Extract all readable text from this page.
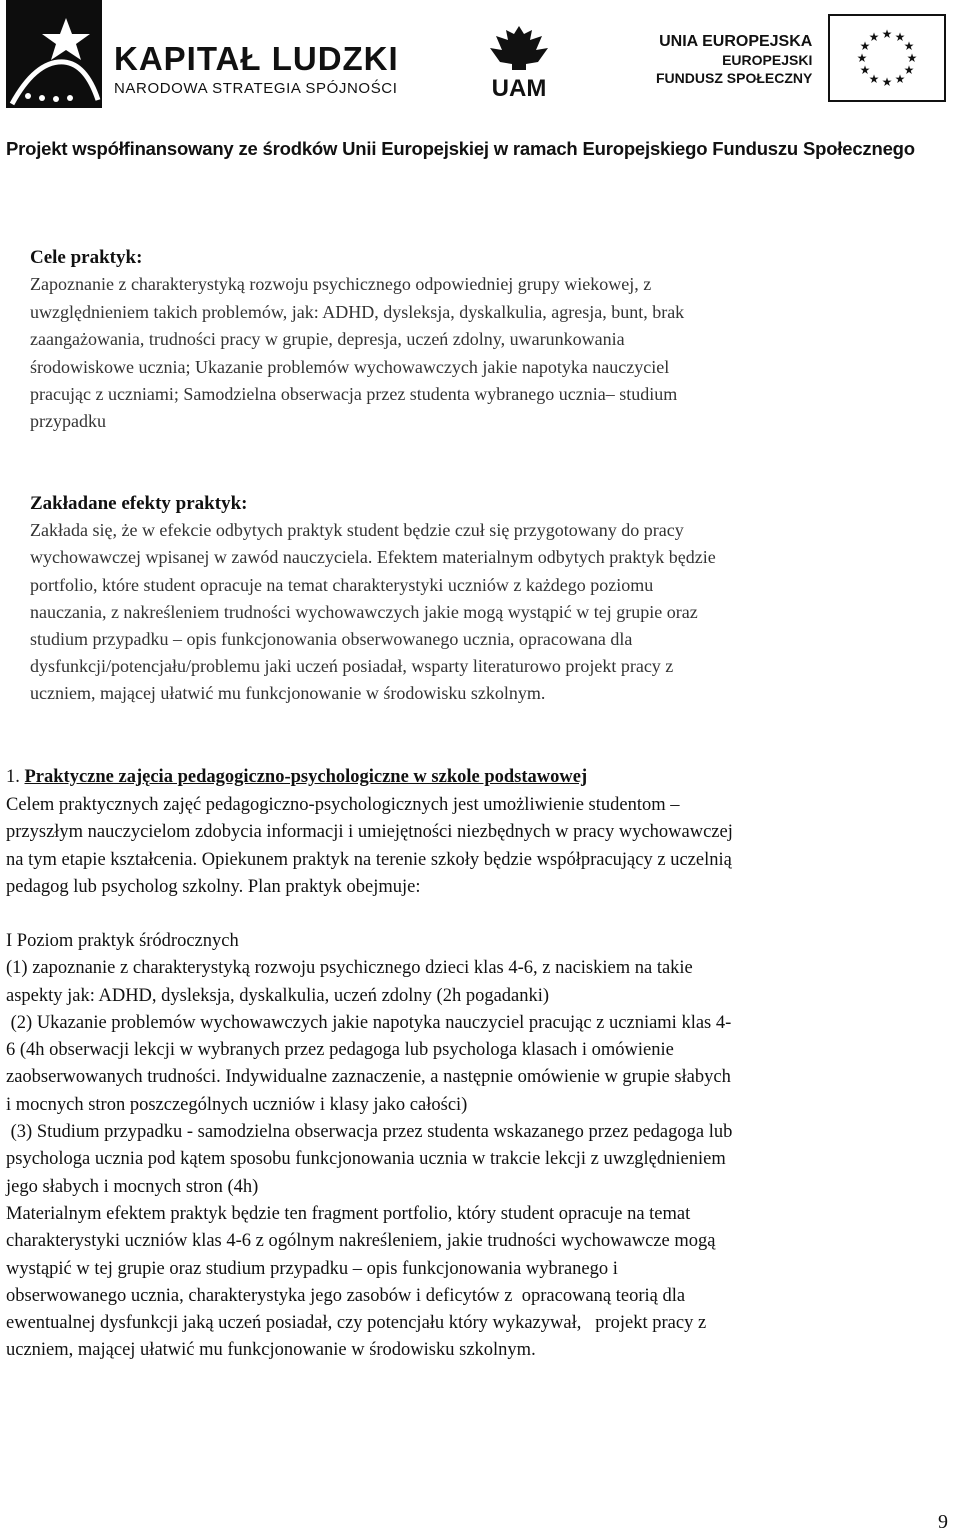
KAPITAŁ LUDZKI
NARODOWA STRATEGIA SPÓJNOŚCI	UAM
UNIA EUROPEJSKA
EUROPEJSKI
FUNDUSZ SPOŁECZNY
★ ★
★
★
★
★
★
★
★
★
★
★
Projekt współfinansowany ze środków Unii Europejskiej w ramach Europejskiego Funduszu Społecznego
Cele praktyk:
Zapoznanie z charakterystyką rozwoju psychicznego odpowiedniej grupy wiekowej, z
uwzględnieniem takich problemów, jak: ADHD, dysleksja, dyskalkulia, agresja, bunt, brak
zaangażowania, trudności pracy w grupie, depresja, uczeń zdolny, uwarunkowania
środowiskowe ucznia; Ukazanie problemów wychowawczych jakie napotyka nauczyciel
pracując z uczniami; Samodzielna obserwacja przez studenta wybranego ucznia– studium
przypadku
Zakładane efekty praktyk:
Zakłada się, że w efekcie odbytych praktyk student będzie czuł się przygotowany do pracy
wychowawczej wpisanej w zawód nauczyciela. Efektem materialnym odbytych praktyk będzie
portfolio, które student opracuje na temat charakterystyki uczniów z każdego poziomu
nauczania, z nakreśleniem trudności wychowawczych jakie mogą wystąpić w tej grupie oraz
studium przypadku – opis funkcjonowania obserwowanego ucznia, opracowana dla
dysfunkcji/potencjału/problemu jaki uczeń posiadał, wsparty literaturowo projekt pracy z
uczniem, mającej ułatwić mu funkcjonowanie w środowisku szkolnym.
1. Praktyczne zajęcia pedagogiczno-psychologiczne w szkole podstawowej
Celem praktycznych zajęć pedagogiczno-psychologicznych jest umożliwienie studentom –
przyszłym nauczycielom zdobycia informacji i umiejętności niezbędnych w pracy wychowawczej
na tym etapie kształcenia. Opiekunem praktyk na terenie szkoły będzie współpracujący z uczelnią
pedagog lub psycholog szkolny. Plan praktyk obejmuje:
I Poziom praktyk śródrocznych
(1) zapoznanie z charakterystyką rozwoju psychicznego dzieci klas 4-6, z naciskiem na takie
aspekty jak: ADHD, dysleksja, dyskalkulia, uczeń zdolny (2h pogadanki)
(2) Ukazanie problemów wychowawczych jakie napotyka nauczyciel pracując z uczniami klas 4-
6 (4h obserwacji lekcji w wybranych przez pedagoga lub psychologa klasach i omówienie
zaobserwowanych trudności. Indywidualne zaznaczenie, a następnie omówienie w grupie słabych
i mocnych stron poszczególnych uczniów i klasy jako całości)
(3) Studium przypadku - samodzielna obserwacja przez studenta wskazanego przez pedagoga lub
psychologa ucznia pod kątem sposobu funkcjonowania ucznia w trakcie lekcji z uwzględnieniem
jego słabych i mocnych stron (4h)
Materialnym efektem praktyk będzie ten fragment portfolio, który student opracuje na temat
charakterystyki uczniów klas 4-6 z ogólnym nakreśleniem, jakie trudności wychowawcze mogą
wystąpić w tej grupie oraz studium przypadku – opis funkcjonowania wybranego i
obserwowanego ucznia, charakterystyka jego zasobów i deficytów z  opracowaną teorią dla
ewentualnej dysfunkcji jaką uczeń posiadał, czy potencjału który wykazywał,   projekt pracy z
uczniem, mającej ułatwić mu funkcjonowanie w środowisku szkolnym.
9
